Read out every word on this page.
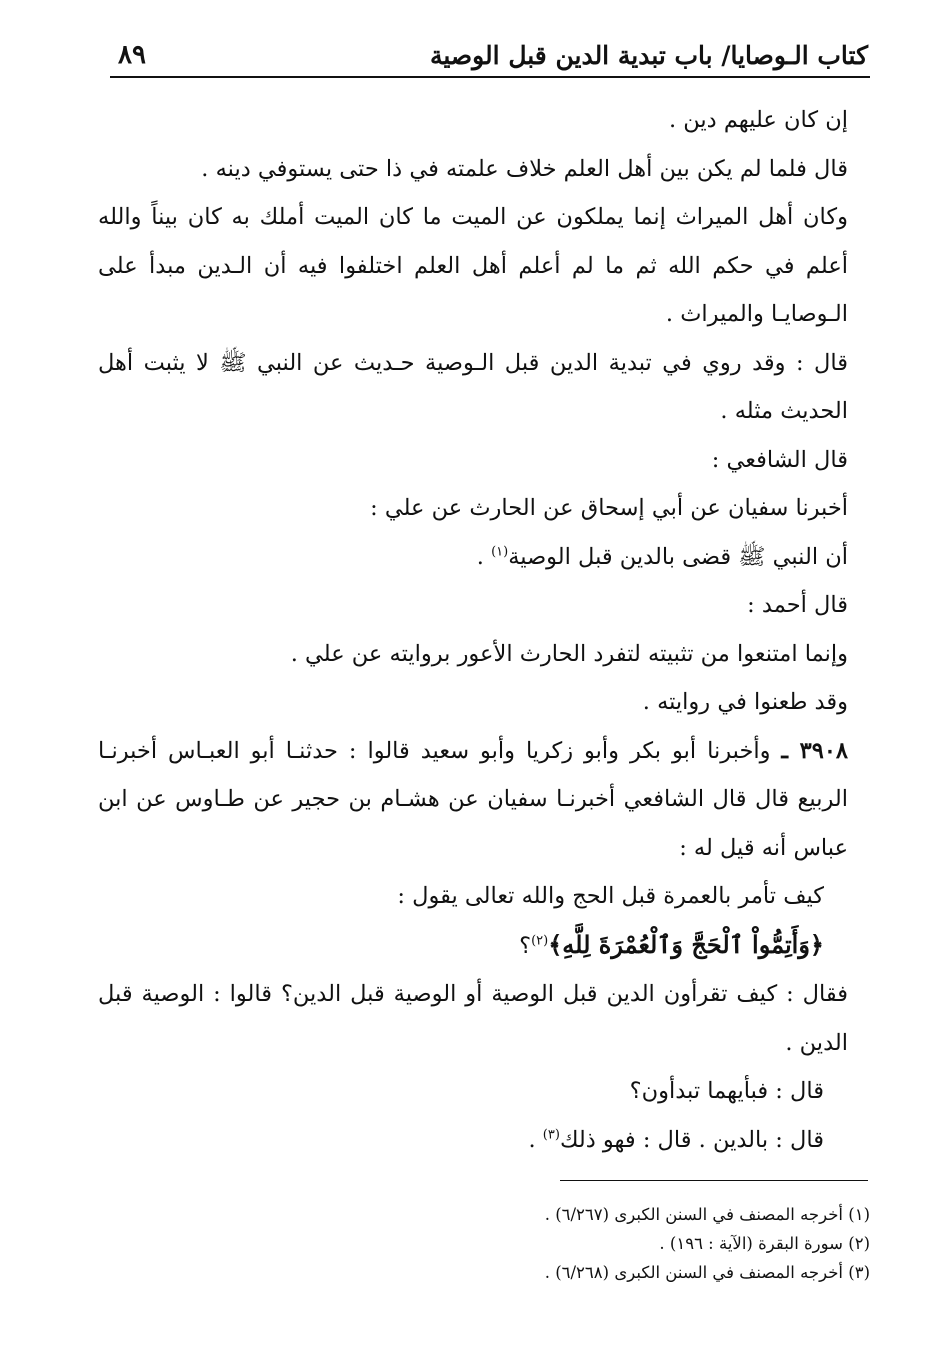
كتاب الـوصايا/ باب تبدية الدين قبل الوصية
٨٩

إن كان عليهم دين .

قال فلما لم يكن بين أهل العلم خلاف علمته في ذا حتى يستوفي دينه .

وكان أهل الميراث إنما يملكون عن الميت ما كان الميت أملك به كان بيناً والله أعلم في حكم الله ثم ما لم أعلم أهل العلم اختلفوا فيه أن الـدين مبدأ على الـوصايـا والميراث .

قال : وقد روي في تبدية الدين قبل الـوصية حـديث عن النبي ﷺ لا يثبت أهل الحديث مثله .

قال الشافعي :

أخبرنا سفيان عن أبي إسحاق عن الحارث عن علي :

أن النبي ﷺ قضى بالدين قبل الوصية$^{(١)}$ .

قال أحمد :

وإنما امتنعوا من تثبيته لتفرد الحارث الأعور بروايته عن علي .

وقد طعنوا في روايته .

٣٩٠٨ ـ وأخبرنا أبو بكر وأبو زكريا وأبو سعيد قالوا : حدثنـا أبو العبـاس أخبرنـا الربيع قال قال الشافعي أخبرنـا سفيان عن هشـام بن حجير عن طـاوس عن ابن عباس أنه قيل له :

كيف تأمر بالعمرة قبل الحج والله تعالى يقول :

﴿وَأَتِمُّواْ ٱلْحَجَّ وَٱلْعُمْرَةَ لِلَّهِ﴾$^{(٢)}$؟

فقال : كيف تقرأون الدين قبل الوصية أو الوصية قبل الدين؟ قالوا : الوصية قبل الدين .

قال : فبأيهما تبدأون؟

قال : بالدين . قال : فهو ذلك$^{(٣)}$ .

(١) أخرجه المصنف في السنن الكبرى (٦/٢٦٧) .

(٢) سورة البقرة (الآية : ١٩٦) .

(٣) أخرجه المصنف في السنن الكبرى (٦/٢٦٨) .
